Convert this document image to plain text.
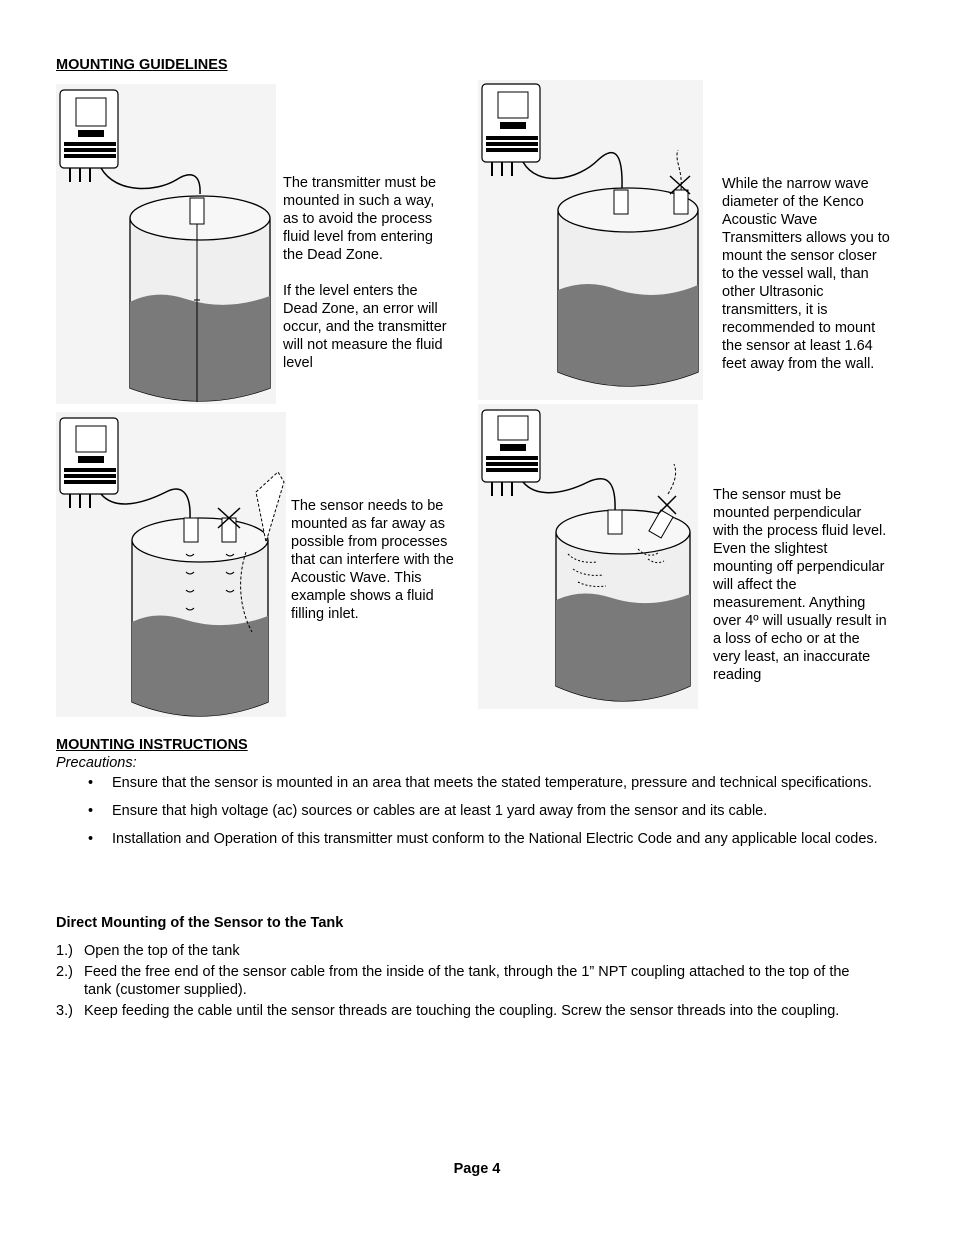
MOUNTING GUIDELINES

The transmitter must be mounted in such a way, as to avoid the process fluid level from entering the Dead Zone.

If the level enters the Dead Zone, an error will occur, and the transmitter will not measure the fluid level

While the narrow wave diameter of the Kenco Acoustic Wave Transmitters allows you to mount the sensor closer to the vessel wall, than other Ultrasonic transmitters, it is recommended to mount the sensor at least 1.64 feet away from the wall.

The sensor needs to be mounted as far away as possible from processes that can interfere with the Acoustic Wave. This example shows a fluid filling inlet.

The sensor must be mounted perpendicular with the process fluid level. Even the slightest mounting off perpendicular will affect the measurement. Anything over 4º will usually result in a loss of echo or at the very least, an inaccurate reading

MOUNTING INSTRUCTIONS
Precautions:
• Ensure that the sensor is mounted in an area that meets the stated temperature, pressure and technical specifications.
• Ensure that high voltage (ac) sources or cables are at least 1 yard away from the sensor and its cable.
• Installation and Operation of this transmitter must conform to the National Electric Code and any applicable local codes.
Direct Mounting of the Sensor to the Tank
1.) Open the top of the tank
2.) Feed the free end of the sensor cable from the inside of the tank, through the 1” NPT coupling attached to the top of the tank (customer supplied).
3.) Keep feeding the cable until the sensor threads are touching the coupling. Screw the sensor threads into the coupling.
Page 4
